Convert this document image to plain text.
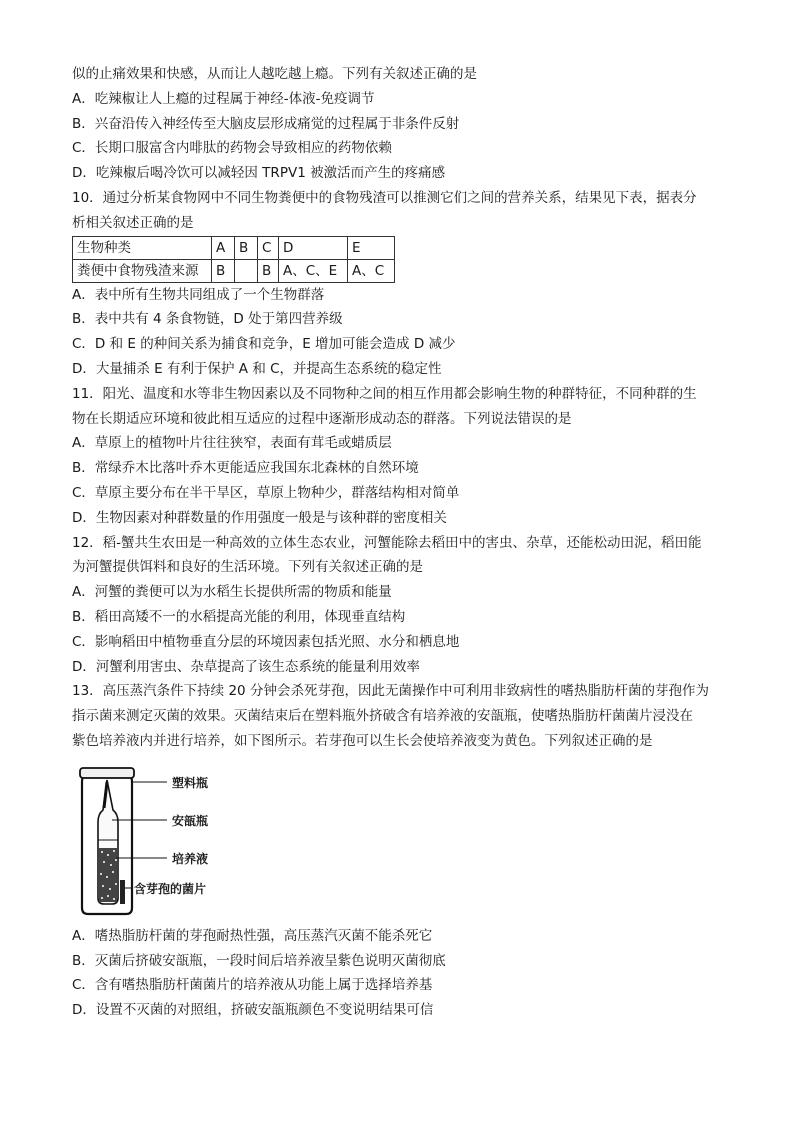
似的止痛效果和快感，从而让人越吃越上瘾。下列有关叙述正确的是
A．吃辣椒让人上瘾的过程属于神经-体液-免疫调节
B．兴奋沿传入神经传至大脑皮层形成痛觉的过程属于非条件反射
C．长期口服富含内啡肽的药物会导致相应的药物依赖
D．吃辣椒后喝冷饮可以减轻因 TRPV1 被激活而产生的疼痛感
10．通过分析某食物网中不同生物粪便中的食物残渣可以推测它们之间的营养关系，结果见下表，据表分
析相关叙述正确的是
生物种类	A	B	C	D	E
粪便中食物残渣来源	B		B	A、C、E	A、C
A．表中所有生物共同组成了一个生物群落
B．表中共有 4 条食物链，D 处于第四营养级
C．D 和 E 的种间关系为捕食和竞争，E 增加可能会造成 D 减少
D．大量捕杀 E 有利于保护 A 和 C，并提高生态系统的稳定性
11．阳光、温度和水等非生物因素以及不同物种之间的相互作用都会影响生物的种群特征，不同种群的生
物在长期适应环境和彼此相互适应的过程中逐渐形成动态的群落。下列说法错误的是
A．草原上的植物叶片往往狭窄，表面有茸毛或蜡质层
B．常绿乔木比落叶乔木更能适应我国东北森林的自然环境
C．草原主要分布在半干旱区，草原上物种少，群落结构相对简单
D．生物因素对种群数量的作用强度一般是与该种群的密度相关
12．稻-蟹共生农田是一种高效的立体生态农业，河蟹能除去稻田中的害虫、杂草，还能松动田泥，稻田能
为河蟹提供饵料和良好的生活环境。下列有关叙述正确的是
A．河蟹的粪便可以为水稻生长提供所需的物质和能量
B．稻田高矮不一的水稻提高光能的利用，体现垂直结构
C．影响稻田中植物垂直分层的环境因素包括光照、水分和栖息地
D．河蟹利用害虫、杂草提高了该生态系统的能量利用效率
13．高压蒸汽条件下持续 20 分钟会杀死芽孢，因此无菌操作中可利用非致病性的嗜热脂肪杆菌的芽孢作为
指示菌来测定灭菌的效果。灭菌结束后在塑料瓶外挤破含有培养液的安瓿瓶，使嗜热脂肪杆菌菌片浸没在
紫色培养液内并进行培养，如下图所示。若芽孢可以生长会使培养液变为黄色。下列叙述正确的是
塑料瓶
安瓿瓶
培养液
含芽孢的菌片
A．嗜热脂肪杆菌的芽孢耐热性强，高压蒸汽灭菌不能杀死它
B．灭菌后挤破安瓿瓶，一段时间后培养液呈紫色说明灭菌彻底
C．含有嗜热脂肪杆菌菌片的培养液从功能上属于选择培养基
D．设置不灭菌的对照组，挤破安瓿瓶颜色不变说明结果可信
